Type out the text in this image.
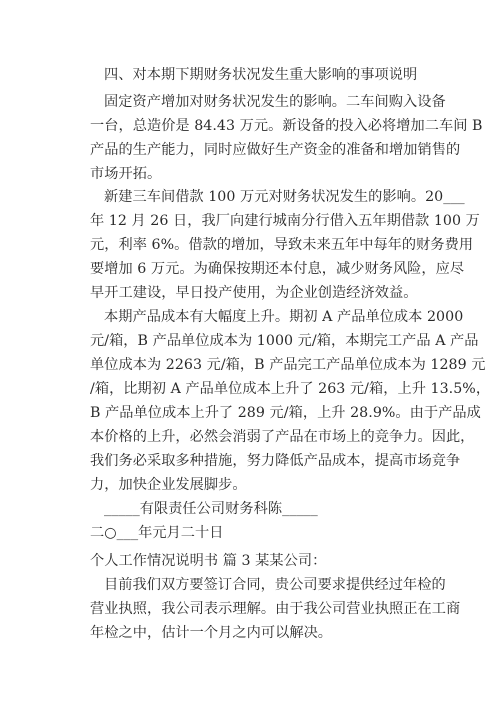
四、对本期下期财务状况发生重大影响的事项说明
固定资产增加对财务状况发生的影响。二车间购入设备
一台，总造价是 84.43 万元。新设备的投入必将增加二车间 B
产品的生产能力，同时应做好生产资金的准备和增加销售的
市场开拓。
新建三车间借款 100 万元对财务状况发生的影响。20___
年 12 月 26 日，我厂向建行城南分行借入五年期借款 100 万
元，利率 6%。借款的增加，导致未来五年中每年的财务费用
要增加 6 万元。为确保按期还本付息，减少财务风险，应尽
早开工建设，早日投产使用，为企业创造经济效益。
本期产品成本有大幅度上升。期初 A 产品单位成本 2000
元/箱，B 产品单位成本为 1000 元/箱，本期完工产品 A 产品
单位成本为 2263 元/箱，B 产品完工产品单位成本为 1289 元
/箱，比期初 A 产品单位成本上升了 263 元/箱，上升 13.5%，
B 产品单位成本上升了 289 元/箱，上升 28.9%。由于产品成
本价格的上升，必然会消弱了产品在市场上的竞争力。因此，
我们务必采取多种措施，努力降低产品成本，提高市场竞争
力，加快企业发展脚步。
_____有限责任公司财务科陈_____
二○___年元月二十日
个人工作情况说明书 篇 3 某某公司：
目前我们双方要签订合同，贵公司要求提供经过年检的
营业执照，我公司表示理解。由于我公司营业执照正在工商
年检之中，估计一个月之内可以解决。
